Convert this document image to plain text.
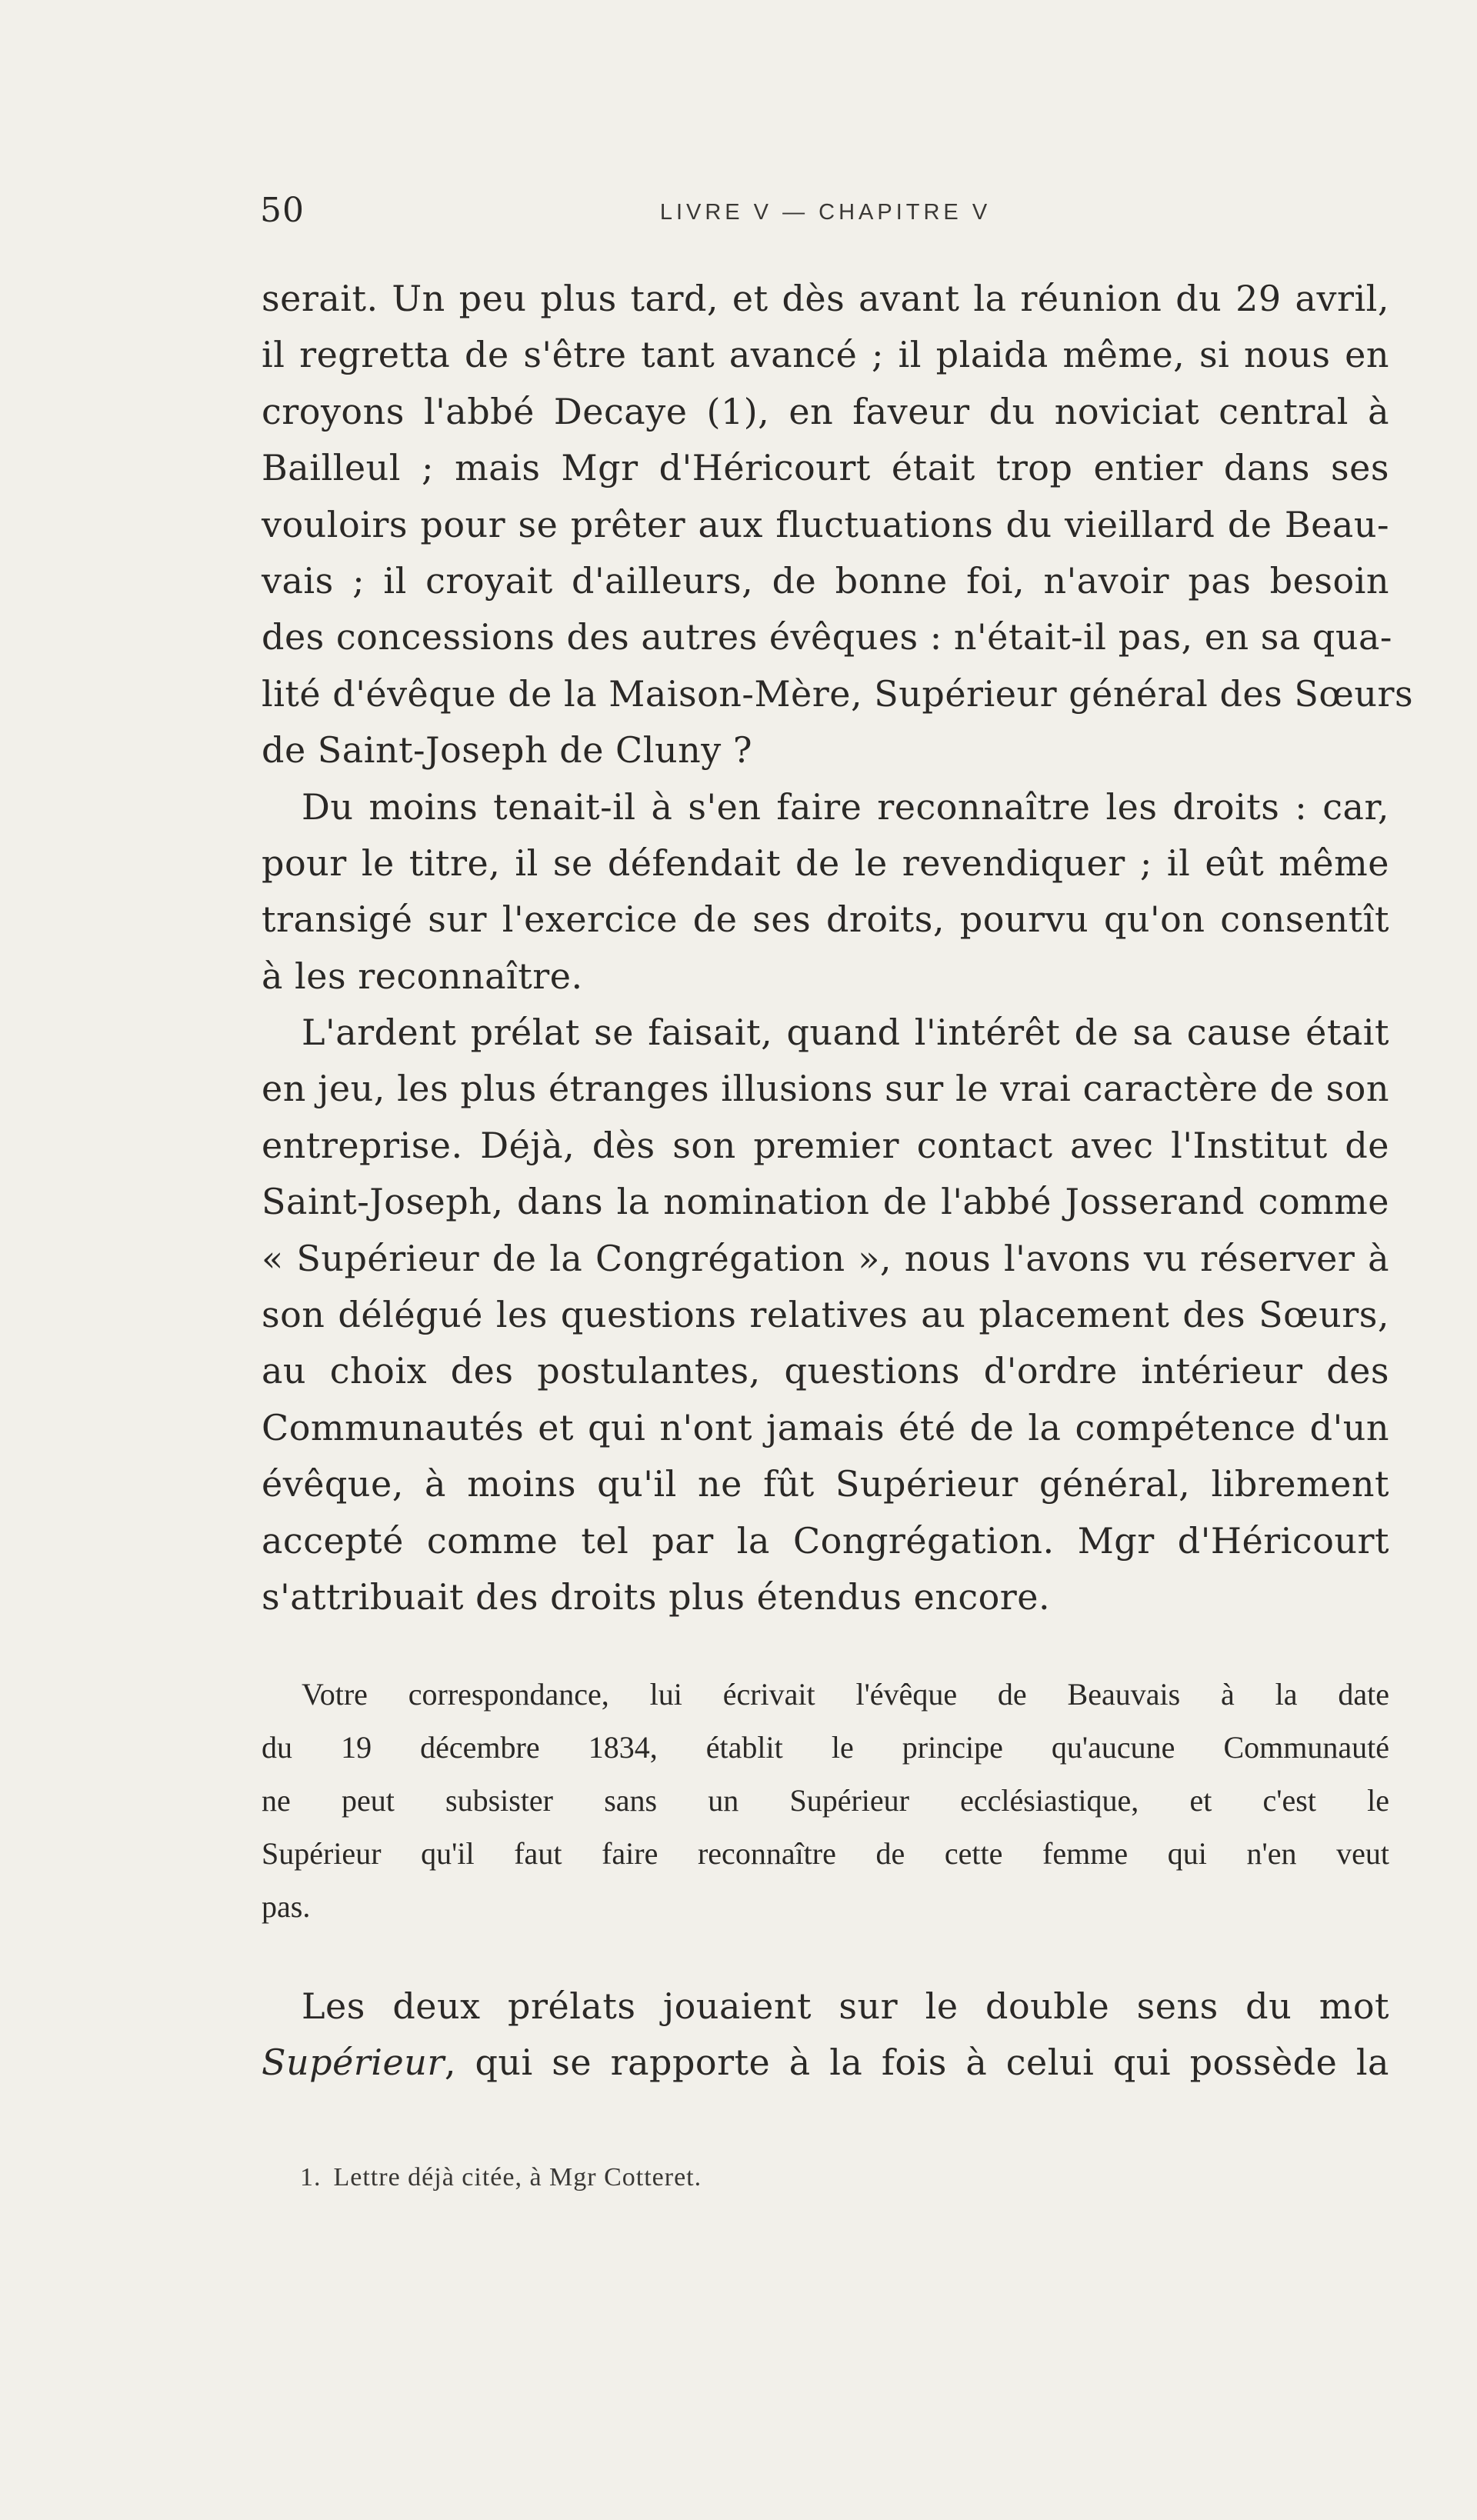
50	LIVRE V — CHAPITRE V
serait. Un peu plus tard, et dès avant la réunion du 29 avril,
il regretta de s'être tant avancé ; il plaida même, si nous en
croyons l'abbé Decaye (1), en faveur du noviciat central à
Bailleul ; mais Mgr d'Héricourt était trop entier dans ses
vouloirs pour se prêter aux fluctuations du vieillard de Beau-
vais ; il croyait d'ailleurs, de bonne foi, n'avoir pas besoin
des concessions des autres évêques : n'était-il pas, en sa qua-
lité d'évêque de la Maison-Mère, Supérieur général des Sœurs
de Saint-Joseph de Cluny ?
Du moins tenait-il à s'en faire reconnaître les droits : car,
pour le titre, il se défendait de le revendiquer ; il eût même
transigé sur l'exercice de ses droits, pourvu qu'on consentît
à les reconnaître.
L'ardent prélat se faisait, quand l'intérêt de sa cause était
en jeu, les plus étranges illusions sur le vrai caractère de son
entreprise. Déjà, dès son premier contact avec l'Institut de
Saint-Joseph, dans la nomination de l'abbé Josserand comme
« Supérieur de la Congrégation », nous l'avons vu réserver à
son délégué les questions relatives au placement des Sœurs,
au choix des postulantes, questions d'ordre intérieur des
Communautés et qui n'ont jamais été de la compétence d'un
évêque, à moins qu'il ne fût Supérieur général, librement
accepté comme tel par la Congrégation. Mgr d'Héricourt
s'attribuait des droits plus étendus encore.
Votre correspondance, lui écrivait l'évêque de Beauvais à la date
du 19 décembre 1834, établit le principe qu'aucune Communauté
ne peut subsister sans un Supérieur ecclésiastique, et c'est le
Supérieur qu'il faut faire reconnaître de cette femme qui n'en veut
pas.
Les deux prélats jouaient sur le double sens du mot
Supérieur, qui se rapporte à la fois à celui qui possède la
1. Lettre déjà citée, à Mgr Cotteret.
